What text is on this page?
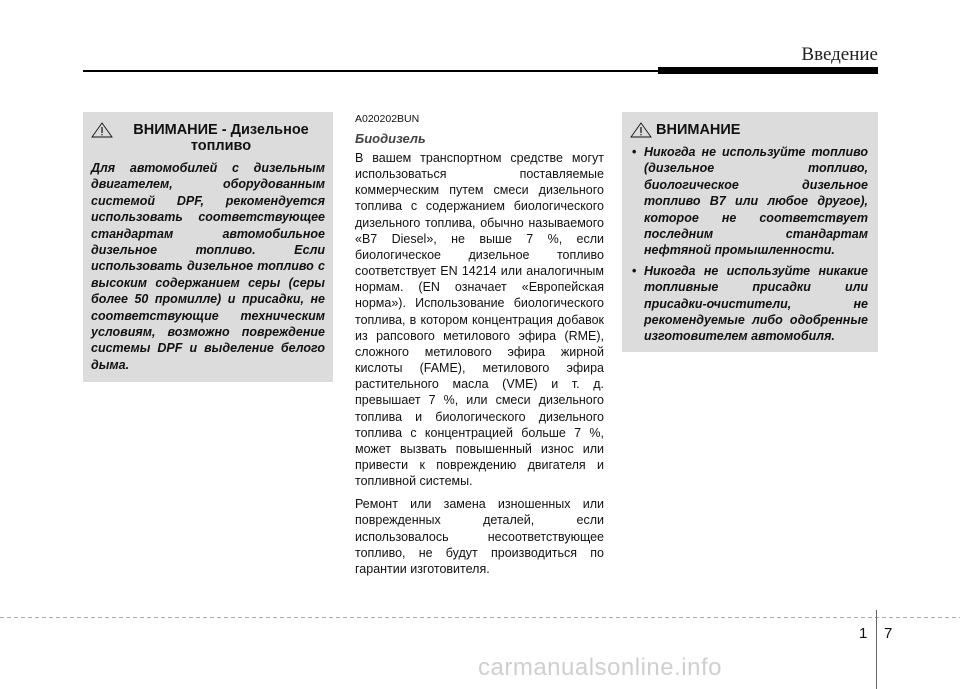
Введение
ВНИМАНИЕ - Дизельное
топливо

Для автомобилей с дизельным двигателем, оборудованным системой DPF, рекомендуется использовать соответствующее стандартам автомобильное дизельное топливо. Если использовать дизельное топливо с высоким содержанием серы (серы более 50 промилле) и присадки, не соответствующие техническим условиям, возможно повреждение системы DPF и выделение белого дыма.

A020202BUN
Биодизель

В вашем транспортном средстве могут использоваться поставляемые коммерческим путем смеси дизельного топлива с содержанием биологического дизельного топлива, обычно называемого «B7 Diesel», не выше 7 %, если биологическое дизельное топливо соответствует EN 14214 или аналогичным нормам. (EN означает «Европейская норма»). Использование биологического топлива, в котором концентрация добавок из рапсового метилового эфира (RME), сложного метилового эфира жирной кислоты (FAME), метилового эфира растительного масла (VME) и т. д. превышает 7 %, или смеси дизельного топлива и биологического дизельного топлива с концентрацией больше 7 %, может вызвать повышенный износ или привести к повреждению двигателя и топливной системы.

Ремонт или замена изношенных или поврежденных деталей, если использовалось несоответствующее топливо, не будут производиться по гарантии изготовителя.

ВНИМАНИЕ
• Никогда не используйте топливо (дизельное топливо, биологическое дизельное топливо B7 или любое другое), которое не соответствует последним стандартам нефтяной промышленности.
• Никогда не используйте никакие топливные присадки или присадки-очистители, не рекомендуемые либо одобренные изготовителем автомобиля.
1 7
carmanualsonline.info
